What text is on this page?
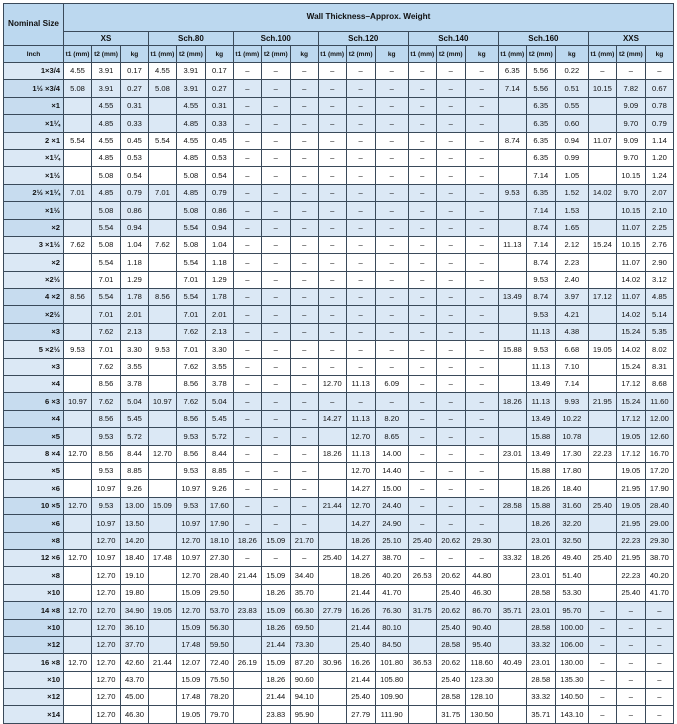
Nominal Size	Wall Thickness–Approx. Weight																				
	XS			Sch.80			Sch.100			Sch.120			Sch.140			Sch.160			XXS		
Inch	t1 (mm)	t2 (mm)	kg	t1 (mm)	t2 (mm)	kg	t1 (mm)	t2 (mm)	kg	t1 (mm)	t2 (mm)	kg	t1 (mm)	t2 (mm)	kg	t1 (mm)	t2 (mm)	kg	t1 (mm)	t2 (mm)	kg
1×3/4	4.55	3.91	0.17	4.55	3.91	0.17	–	–	–	–	–	–	–	–	–	6.35	5.56	0.22	–	–	–
1½ ×3/4	5.08	3.91	0.27	5.08	3.91	0.27	–	–	–	–	–	–	–	–	–	7.14	5.56	0.51	10.15	7.82	0.67
×1		4.55	0.31		4.55	0.31	–	–	–	–	–	–	–	–	–		6.35	0.55		9.09	0.78
×1¼		4.85	0.33		4.85	0.33	–	–	–	–	–	–	–	–	–		6.35	0.60		9.70	0.79
2 ×1	5.54	4.55	0.45	5.54	4.55	0.45	–	–	–	–	–	–	–	–	–	8.74	6.35	0.94	11.07	9.09	1.14
×1¼		4.85	0.53		4.85	0.53	–	–	–	–	–	–	–	–	–		6.35	0.99		9.70	1.20
×1½		5.08	0.54		5.08	0.54	–	–	–	–	–	–	–	–	–		7.14	1.05		10.15	1.24
2½ ×1¼	7.01	4.85	0.79	7.01	4.85	0.79	–	–	–	–	–	–	–	–	–	9.53	6.35	1.52	14.02	9.70	2.07
×1½		5.08	0.86		5.08	0.86	–	–	–	–	–	–	–	–	–		7.14	1.53		10.15	2.10
×2		5.54	0.94		5.54	0.94	–	–	–	–	–	–	–	–	–		8.74	1.65		11.07	2.25
3 ×1½	7.62	5.08	1.04	7.62	5.08	1.04	–	–	–	–	–	–	–	–	–	11.13	7.14	2.12	15.24	10.15	2.76
×2		5.54	1.18		5.54	1.18	–	–	–	–	–	–	–	–	–		8.74	2.23		11.07	2.90
×2½		7.01	1.29		7.01	1.29	–	–	–	–	–	–	–	–	–		9.53	2.40		14.02	3.12
4 ×2	8.56	5.54	1.78	8.56	5.54	1.78	–	–	–	–	–	–	–	–	–	13.49	8.74	3.97	17.12	11.07	4.85
×2½		7.01	2.01		7.01	2.01	–	–	–	–	–	–	–	–	–		9.53	4.21		14.02	5.14
×3		7.62	2.13		7.62	2.13	–	–	–	–	–	–	–	–	–		11.13	4.38		15.24	5.35
5 ×2½	9.53	7.01	3.30	9.53	7.01	3.30	–	–	–	–	–	–	–	–	–	15.88	9.53	6.68	19.05	14.02	8.02
×3		7.62	3.55		7.62	3.55	–	–	–	–	–	–	–	–	–		11.13	7.10		15.24	8.31
×4		8.56	3.78		8.56	3.78	–	–	–	12.70	11.13	6.09	–	–	–		13.49	7.14		17.12	8.68
6 ×3	10.97	7.62	5.04	10.97	7.62	5.04	–	–	–	–	–	–	–	–	–	18.26	11.13	9.93	21.95	15.24	11.60
×4		8.56	5.45		8.56	5.45	–	–	–	14.27	11.13	8.20	–	–	–		13.49	10.22		17.12	12.00
×5		9.53	5.72		9.53	5.72	–	–	–		12.70	8.65	–	–	–		15.88	10.78		19.05	12.60
8 ×4	12.70	8.56	8.44	12.70	8.56	8.44	–	–	–	18.26	11.13	14.00	–	–	–	23.01	13.49	17.30	22.23	17.12	16.70
×5		9.53	8.85		9.53	8.85	–	–	–		12.70	14.40	–	–	–		15.88	17.80		19.05	17.20
×6		10.97	9.26		10.97	9.26	–	–	–		14.27	15.00	–	–	–		18.26	18.40		21.95	17.90
10 ×5	12.70	9.53	13.00	15.09	9.53	17.60	–	–	–	21.44	12.70	24.40	–	–	–	28.58	15.88	31.60	25.40	19.05	28.40
×6		10.97	13.50		10.97	17.90	–	–	–		14.27	24.90	–	–	–		18.26	32.20		21.95	29.00
×8		12.70	14.20		12.70	18.10	18.26	15.09	21.70		18.26	25.10	25.40	20.62	29.30		23.01	32.50		22.23	29.30
12 ×6	12.70	10.97	18.40	17.48	10.97	27.30	–	–	–	25.40	14.27	38.70	–	–	–	33.32	18.26	49.40	25.40	21.95	38.70
×8		12.70	19.10		12.70	28.40	21.44	15.09	34.40		18.26	40.20	26.53	20.62	44.80		23.01	51.40		22.23	40.20
×10		12.70	19.80		15.09	29.50		18.26	35.70		21.44	41.70		25.40	46.30		28.58	53.30		25.40	41.70
14 ×8	12.70	12.70	34.90	19.05	12.70	53.70	23.83	15.09	66.30	27.79	16.26	76.30	31.75	20.62	86.70	35.71	23.01	95.70	–	–	–
×10		12.70	36.10		15.09	56.30		18.26	69.50		21.44	80.10		25.40	90.40		28.58	100.00	–	–	–
×12		12.70	37.70		17.48	59.50		21.44	73.30		25.40	84.50		28.58	95.40		33.32	106.00	–	–	–
16 ×8	12.70	12.70	42.60	21.44	12.07	72.40	26.19	15.09	87.20	30.96	16.26	101.80	36.53	20.62	118.60	40.49	23.01	130.00	–	–	–
×10		12.70	43.70		15.09	75.50		18.26	90.60		21.44	105.80		25.40	123.30		28.58	135.30	–	–	–
×12		12.70	45.00		17.48	78.20		21.44	94.10		25.40	109.90		28.58	128.10		33.32	140.50	–	–	–
×14		12.70	46.30		19.05	79.70		23.83	95.90		27.79	111.90		31.75	130.50		35.71	143.10	–	–	–
